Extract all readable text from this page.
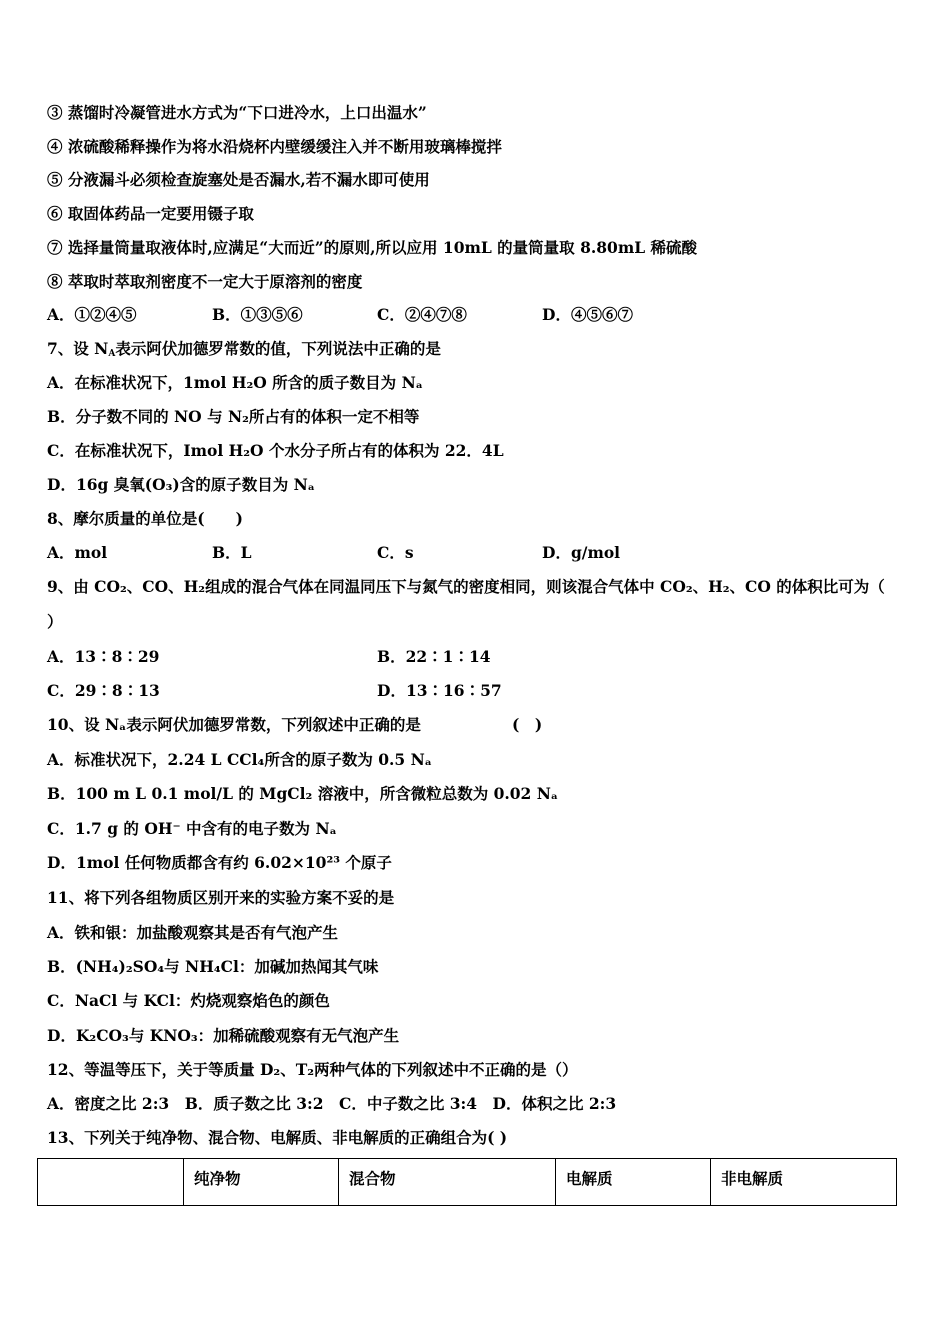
③ 蒸馏时冷凝管进水方式为“下口进冷水，上口出温水”
④ 浓硫酸稀释操作为将水沿烧杯内壁缓缓注入并不断用玻璃棒搅拌
⑤ 分液漏斗必须检查旋塞处是否漏水,若不漏水即可使用
⑥ 取固体药品一定要用镊子取
⑦ 选择量筒量取液体时,应满足“大而近”的原则,所以应用 10mL 的量筒量取 8.80mL 稀硫酸
⑧ 萃取时萃取剂密度不一定大于原溶剂的密度
A．①②④⑤	B．①③⑤⑥	C．②④⑦⑧	D．④⑤⑥⑦
7、设 $N_A$表示阿伏加德罗常数的值，下列说法中正确的是
A．在标准状况下，1mol H₂O 所含的质子数目为 Nₐ
B．分子数不同的 NO 与 N₂所占有的体积一定不相等
C．在标准状况下，Imol H₂O 个水分子所占有的体积为 22．4L
D．16g 臭氧(O₃)含的原子数目为 Nₐ
8、摩尔质量的单位是(　　)
A．mol	B．L	C．s	D．g/mol
9、由 CO₂、CO、H₂组成的混合气体在同温同压下与氮气的密度相同，则该混合气体中 CO₂、H₂、CO 的体积比可为（
）
A．13∶8∶29	B．22∶1∶14
C．29∶8∶13	D．13∶16∶57
10、设 Nₐ表示阿伏加德罗常数，下列叙述中正确的是	(　)
A．标准状况下，2.24 L CCl₄所含的原子数为 0.5 Nₐ
B．100 m L 0.1 mol/L 的 MgCl₂ 溶液中，所含微粒总数为 0.02 Nₐ
C．1.7 g 的 OH⁻ 中含有的电子数为 Nₐ
D．1mol 任何物质都含有约 6.02×10²³ 个原子
11、将下列各组物质区别开来的实验方案不妥的是
A．铁和银：加盐酸观察其是否有气泡产生
B．(NH₄)₂SO₄与 NH₄Cl：加碱加热闻其气味
C．NaCl 与 KCl：灼烧观察焰色的颜色
D．K₂CO₃与 KNO₃：加稀硫酸观察有无气泡产生
12、等温等压下，关于等质量 D₂、T₂两种气体的下列叙述中不正确的是（）
A．密度之比 2:3　B．质子数之比 3:2　C．中子数之比 3:4　D．体积之比 2:3
13、下列关于纯净物、混合物、电解质、非电解质的正确组合为( )
	纯净物	混合物	电解质	非电解质
